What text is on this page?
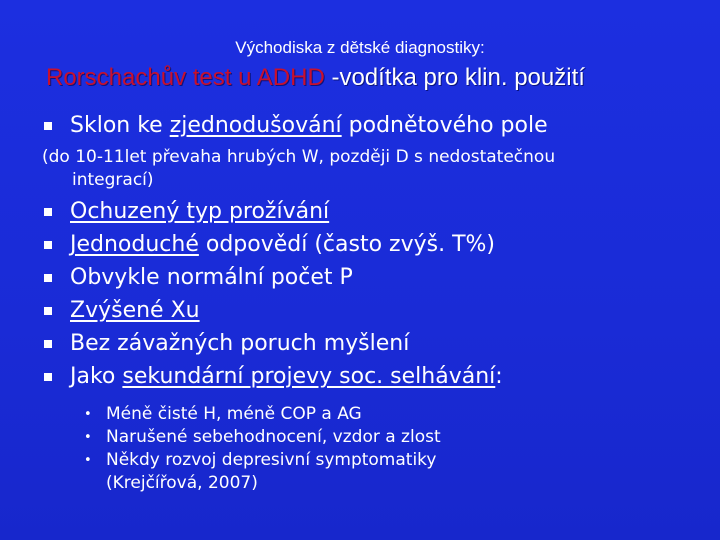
Východiska z dětské diagnostiky:
Rorschachův test u ADHD -vodítka pro klin. použití
Sklon ke zjednodušování podnětového pole
(do 10-11let převaha hrubých W, později D s nedostatečnou
integrací)
Ochuzený typ prožívání
Jednoduché odpovědí (často zvýš. T%)
Obvykle normální počet P
Zvýšené Xu
Bez závažných poruch myšlení
Jako sekundární projevy soc. selhávání:
• Méně čisté H, méně COP a AG
• Narušené sebehodnocení, vzdor a zlost
• Někdy rozvoj depresivní symptomatiky
(Krejčířová, 2007)
